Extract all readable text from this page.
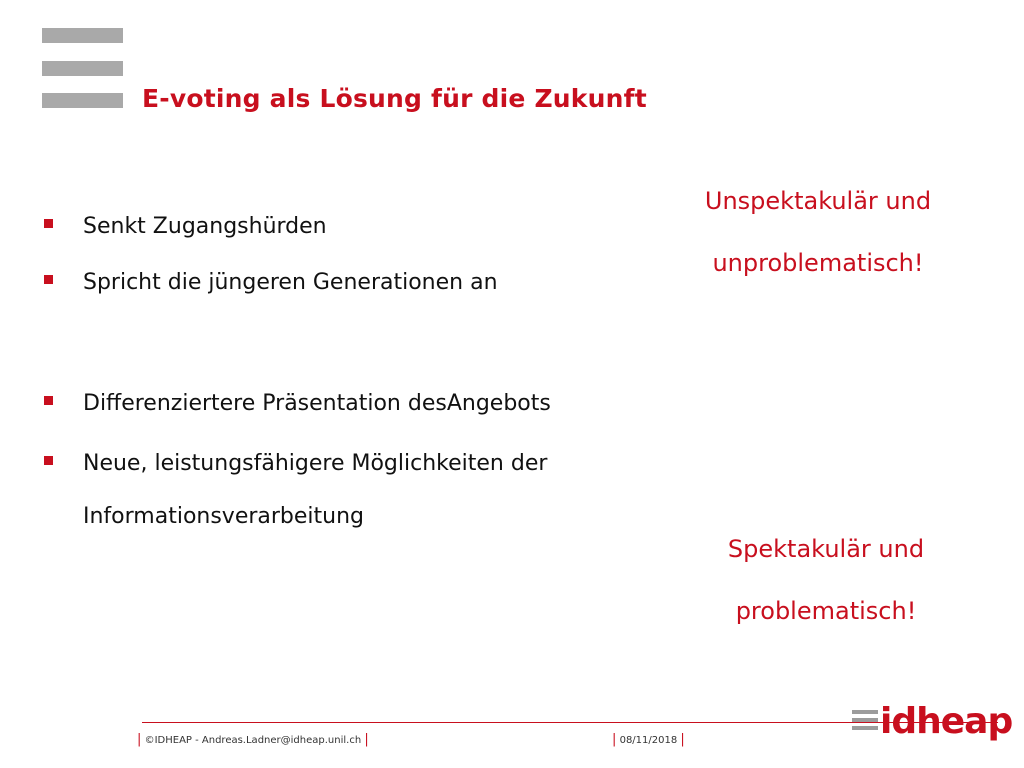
E-voting als Lösung für die Zukunft
Senkt Zugangshürden
Spricht die jüngeren Generationen an
Differenziertere Präsentation desAngebots
Neue, leistungsfähigere Möglichkeiten der
Informationsverarbeitung
Unspektakulär und
unproblematisch!
Spektakulär und
problematisch!
idheap
| ©IDHEAP - Andreas.Ladner@idheap.unil.ch |	| 08/11/2018 |
